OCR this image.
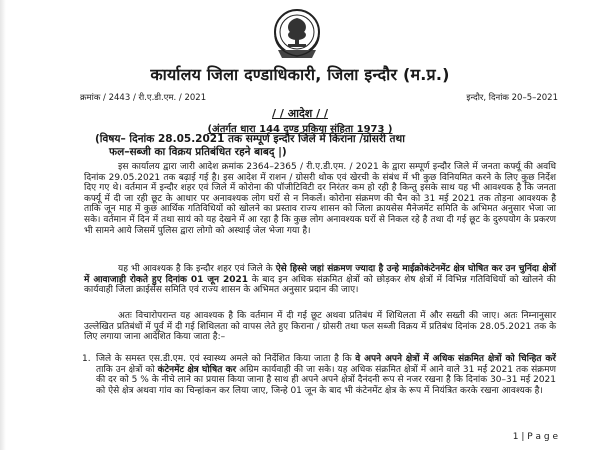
कार्यालय जिला दण्डाधिकारी, जिला इन्दौर (म.प्र.)
क्रमांक / 2443 / री.ए.डी.एम. / 2021	इन्दौर, दिनांक 20–5–2021
/ / आदेश / /
(अंतर्गत धारा 144 दण्ड प्रकिया संहिता 1973 )
(विषय– दिनांक 28.05.2021 तक सम्पूर्ण इन्दौर जिले में किराना /ग्रोसरी तथा
फल–सब्जी का विक्रय प्रतिबंधित रहने बाबद् |)
इस कार्यालय द्वारा जारी आदेश क्रमांक 2364–2365 / री.ए.डी.एम. / 2021 के द्वारा सम्पूर्ण इन्दौर जिले में जनता कर्फ्यू की अवधि दिनांक 29.05.2021 तक बढ़ाई गई है। इस आदेश में राशन / ग्रोसरी थोक एवं खेरची के संबंध में भी कुछ विनियमित करने के लिए कुछ निर्देश दिए गए थे। वर्तमान में इन्दौर शहर एवं जिले में कोरोना की पॉजीटिविटी दर निरंतर कम हो रही है किन्तु इसके साथ यह भी आवश्यक है कि जनता कर्फ्यू में दी जा रही छूट के आधार पर अनावश्यक लोग घरों से न निकलें। कोरोना संक्रमण की चैन को 31 मई 2021 तक तोड़ना आवश्यक है ताकि जून माह में कुछ आर्थिक गतिविधियों को खोलने का प्रस्ताव राज्य शासन को जिला क्रायसेस मैनेजमेंट समिति के अभिमत अनुसार भेजा जा सके। वर्तमान में दिन में तथा सायं को यह देखने में आ रहा है कि कुछ लोग अनावश्यक घरों से निकल रहे है तथा दी गई छूट के दुरुपयोग के प्रकरण भी सामने आये जिसमें पुलिस द्वारा लोगो को अस्थाई जेल भेजा गया है।
यह भी आवश्यक है कि इन्दौर शहर एवं जिले के ऐसे हिस्से जहां संक्रमण ज्यादा है उन्हे माईक्रोकंटेनमेंट क्षेत्र घोषित कर उन चुनिंदा क्षेत्रों में आवाजाही रोकते हुए दिनांक 01 जून 2021 के बाद इन अधिक संक्रमित क्षेत्रों को छोड़कर शेष क्षेत्रों में विभिन्न गतिविधियों को खोलने की कार्यवाही जिला क्राईसेस समिति एवं राज्य शासन के अभिमत अनुसार प्रदान की जाए।
अतः विचारोपरान्त यह आवश्यक है कि वर्तमान में दी गई छूट अथवा प्रतिबंध में शिथिलता में और सख्ती की जाए। अतः निम्नानुसार उल्लेखित प्रतिबंधों में पूर्व में दी गई शिथिलता को वापस लेते हुए किराना / ग्रोसरी तथा फल सब्जी विक्रय में प्रतिबंध दिनांक 28.05.2021 तक के लिए लगाया जाना आदेशित किया जाता है:–
1. जिले के समस्त एस.डी.एम. एवं स्वास्थ्य अमले को निर्देशित किया जाता है कि वे अपने अपने क्षेत्रों में अधिक संक्रमित क्षेत्रों को चिन्हित करें ताकि उन क्षेत्रों को कंटेनमेंट क्षेत्र घोषित कर अग्रिम कार्यवाही की जा सके। यह अधिक संक्रमित क्षेत्रों में आने वाले 31 मई 2021 तक संक्रमण की दर को 5 % के नीचे लाने का प्रयास किया जाना है साथ ही अपने अपने क्षेत्रों दैनंदनी रूप से नजर रखना है कि दिनांक 30–31 मई 2021 को ऐसे क्षेत्र अथवा गांव का चिन्हांकन कर लिया जाए, जिन्हे 01 जून के बाद भी कंटेनमेंट क्षेत्र के रूप में नियंत्रित करके रखना आवश्यक है।
1 | P a g e
